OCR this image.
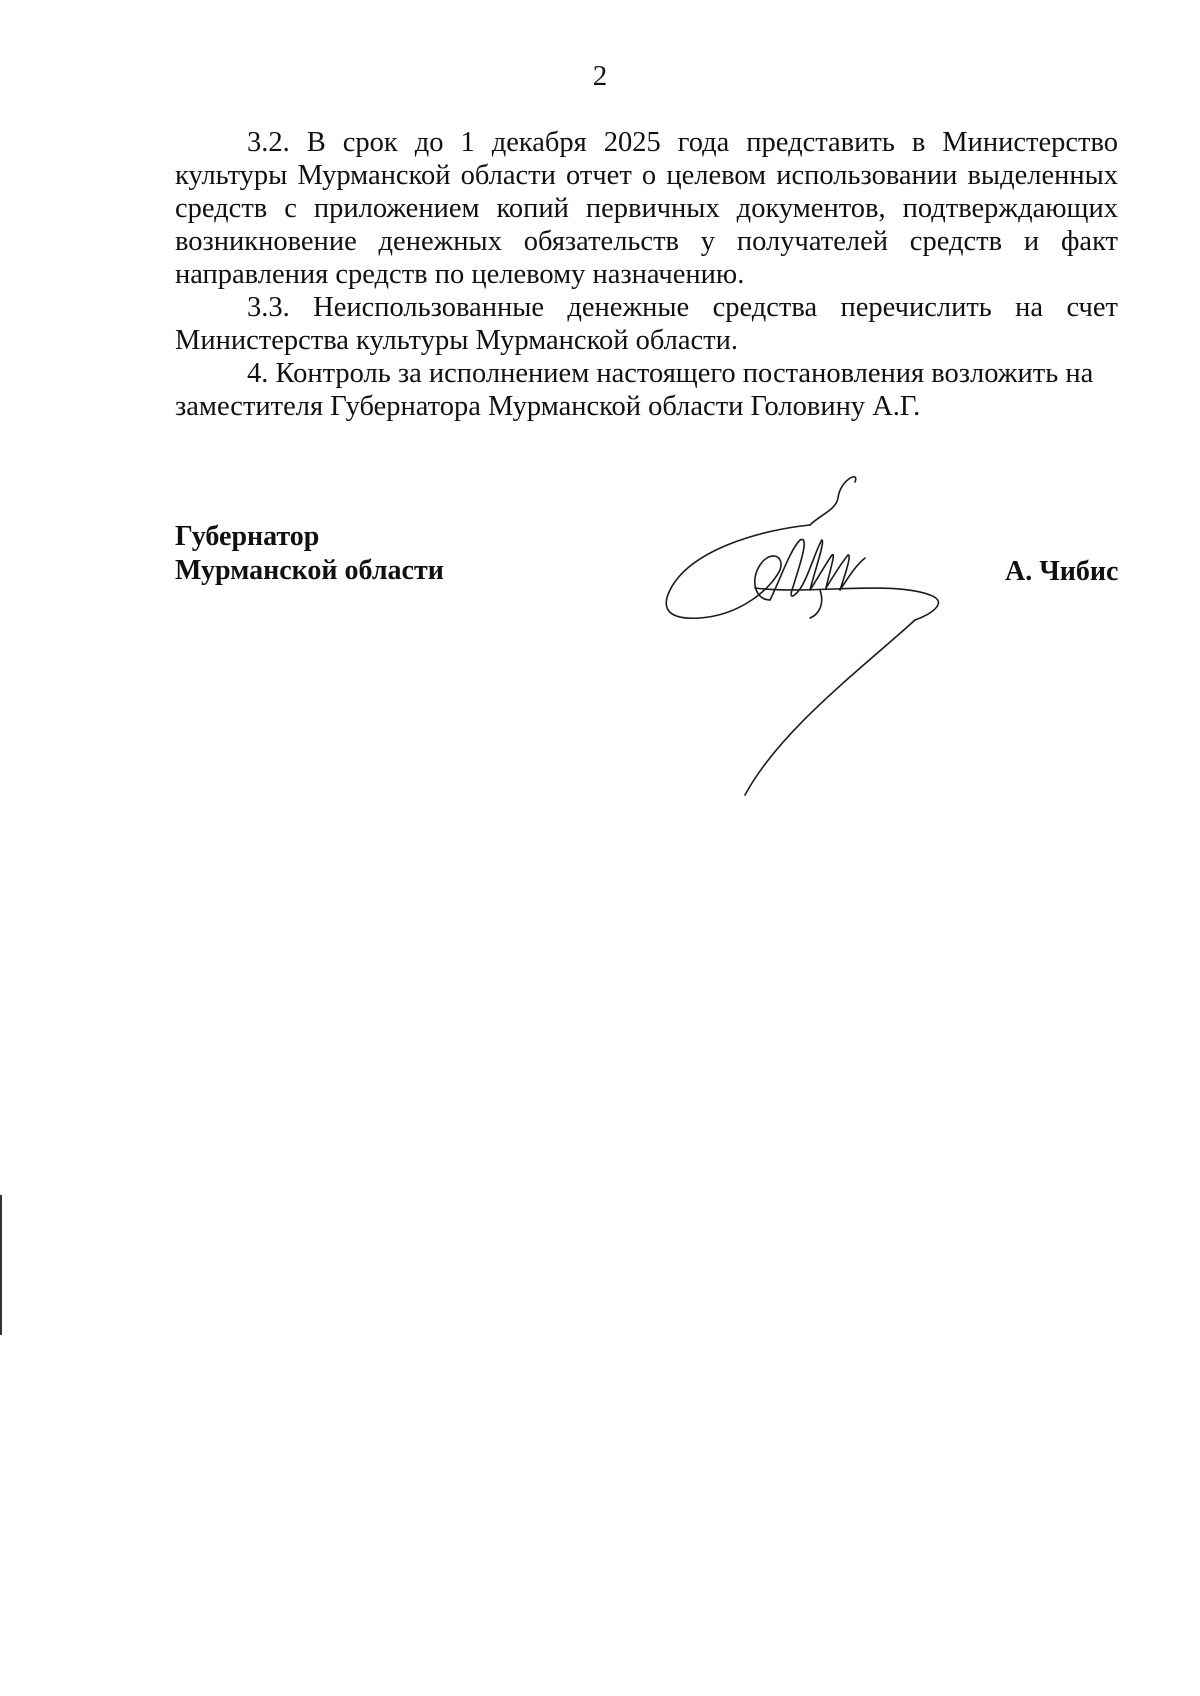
2

3.2. В срок до 1 декабря 2025 года представить в Министерство культуры Мурманской области отчет о целевом использовании выделенных средств с приложением копий первичных документов, подтверждающих возникновение денежных обязательств у получателей средств и факт направления средств по целевому назначению.

3.3. Неиспользованные денежные средства перечислить на счет Министерства культуры Мурманской области.

4. Контроль за исполнением настоящего постановления возложить на заместителя Губернатора Мурманской области Головину А.Г.

Губернатор
Мурманской области	А. Чибис
